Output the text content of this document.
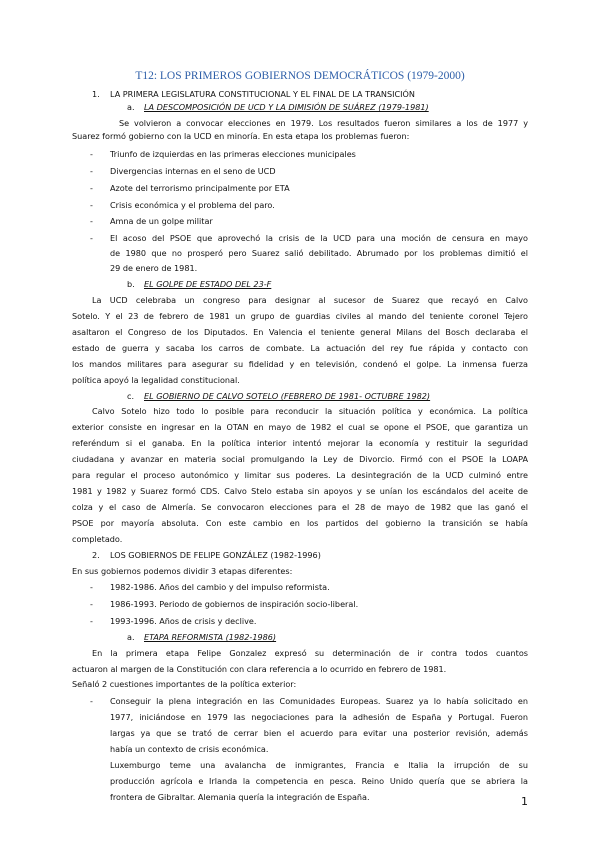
T12: LOS PRIMEROS GOBIERNOS DEMOCRÁTICOS (1979-2000)
1. LA PRIMERA LEGISLATURA CONSTITUCIONAL Y EL FINAL DE LA TRANSICIÓN
a. LA DESCOMPOSICIÓN DE UCD Y LA DIMISIÓN DE SUÁREZ (1979-1981)
Se volvieron a convocar elecciones en 1979. Los resultados fueron similares a los de 1977 y
Suarez formó gobierno con la UCD en minoría. En esta etapa los problemas fueron:
- Triunfo de izquierdas en las primeras elecciones municipales
- Divergencias internas en el seno de UCD
- Azote del terrorismo principalmente por ETA
- Crisis económica y el problema del paro.
- Amna de un golpe militar
- El acoso del PSOE que aprovechó la crisis de la UCD para una moción de censura en mayo
de 1980 que no prosperó pero Suarez salió debilitado. Abrumado por los problemas dimitió el
29 de enero de 1981.
b. EL GOLPE DE ESTADO DEL 23-F
La UCD celebraba un congreso para designar al sucesor de Suarez que recayó en Calvo
Sotelo. Y el 23 de febrero de 1981 un grupo de guardias civiles al mando del teniente coronel Tejero
asaltaron el Congreso de los Diputados. En Valencia el teniente general Milans del Bosch declaraba el
estado de guerra y sacaba los carros de combate. La actuación del rey fue rápida y contacto con
los mandos militares para asegurar su fidelidad y en televisión, condenó el golpe. La inmensa fuerza
política apoyó la legalidad constitucional.
c. EL GOBIERNO DE CALVO SOTELO (FEBRERO DE 1981- OCTUBRE 1982)
Calvo Sotelo hizo todo lo posible para reconducir la situación política y económica. La política
exterior consiste en ingresar en la OTAN en mayo de 1982 el cual se opone el PSOE, que garantiza un
referéndum si el ganaba. En la política interior intentó mejorar la economía y restituir la seguridad
ciudadana y avanzar en materia social promulgando la Ley de Divorcio. Firmó con el PSOE la LOAPA
para regular el proceso autonómico y limitar sus poderes. La desintegración de la UCD culminó entre
1981 y 1982 y Suarez formó CDS. Calvo Stelo estaba sin apoyos y se unían los escándalos del aceite de
colza y el caso de Almería. Se convocaron elecciones para el 28 de mayo de 1982 que las ganó el
PSOE por mayoría absoluta. Con este cambio en los partidos del gobierno la transición se había
completado.
2. LOS GOBIERNOS DE FELIPE GONZÁLEZ (1982-1996)
En sus gobiernos podemos dividir 3 etapas diferentes:
- 1982-1986. Años del cambio y del impulso reformista.
- 1986-1993. Periodo de gobiernos de inspiración socio-liberal.
- 1993-1996. Años de crisis y declive.
a. ETAPA REFORMISTA (1982-1986)
En la primera etapa Felipe Gonzalez expresó su determinación de ir contra todos cuantos
actuaron al margen de la Constitución con clara referencia a lo ocurrido en febrero de 1981.
Señaló 2 cuestiones importantes de la política exterior:
- Conseguir la plena integración en las Comunidades Europeas. Suarez ya lo había solicitado en
1977, iniciándose en 1979 las negociaciones para la adhesión de España y Portugal. Fueron
largas ya que se trató de cerrar bien el acuerdo para evitar una posterior revisión, además
había un contexto de crisis económica.
Luxemburgo teme una avalancha de inmigrantes, Francia e Italia la irrupción de su
producción agrícola e Irlanda la competencia en pesca. Reino Unido quería que se abriera la
frontera de Gibraltar. Alemania quería la integración de España.	1
